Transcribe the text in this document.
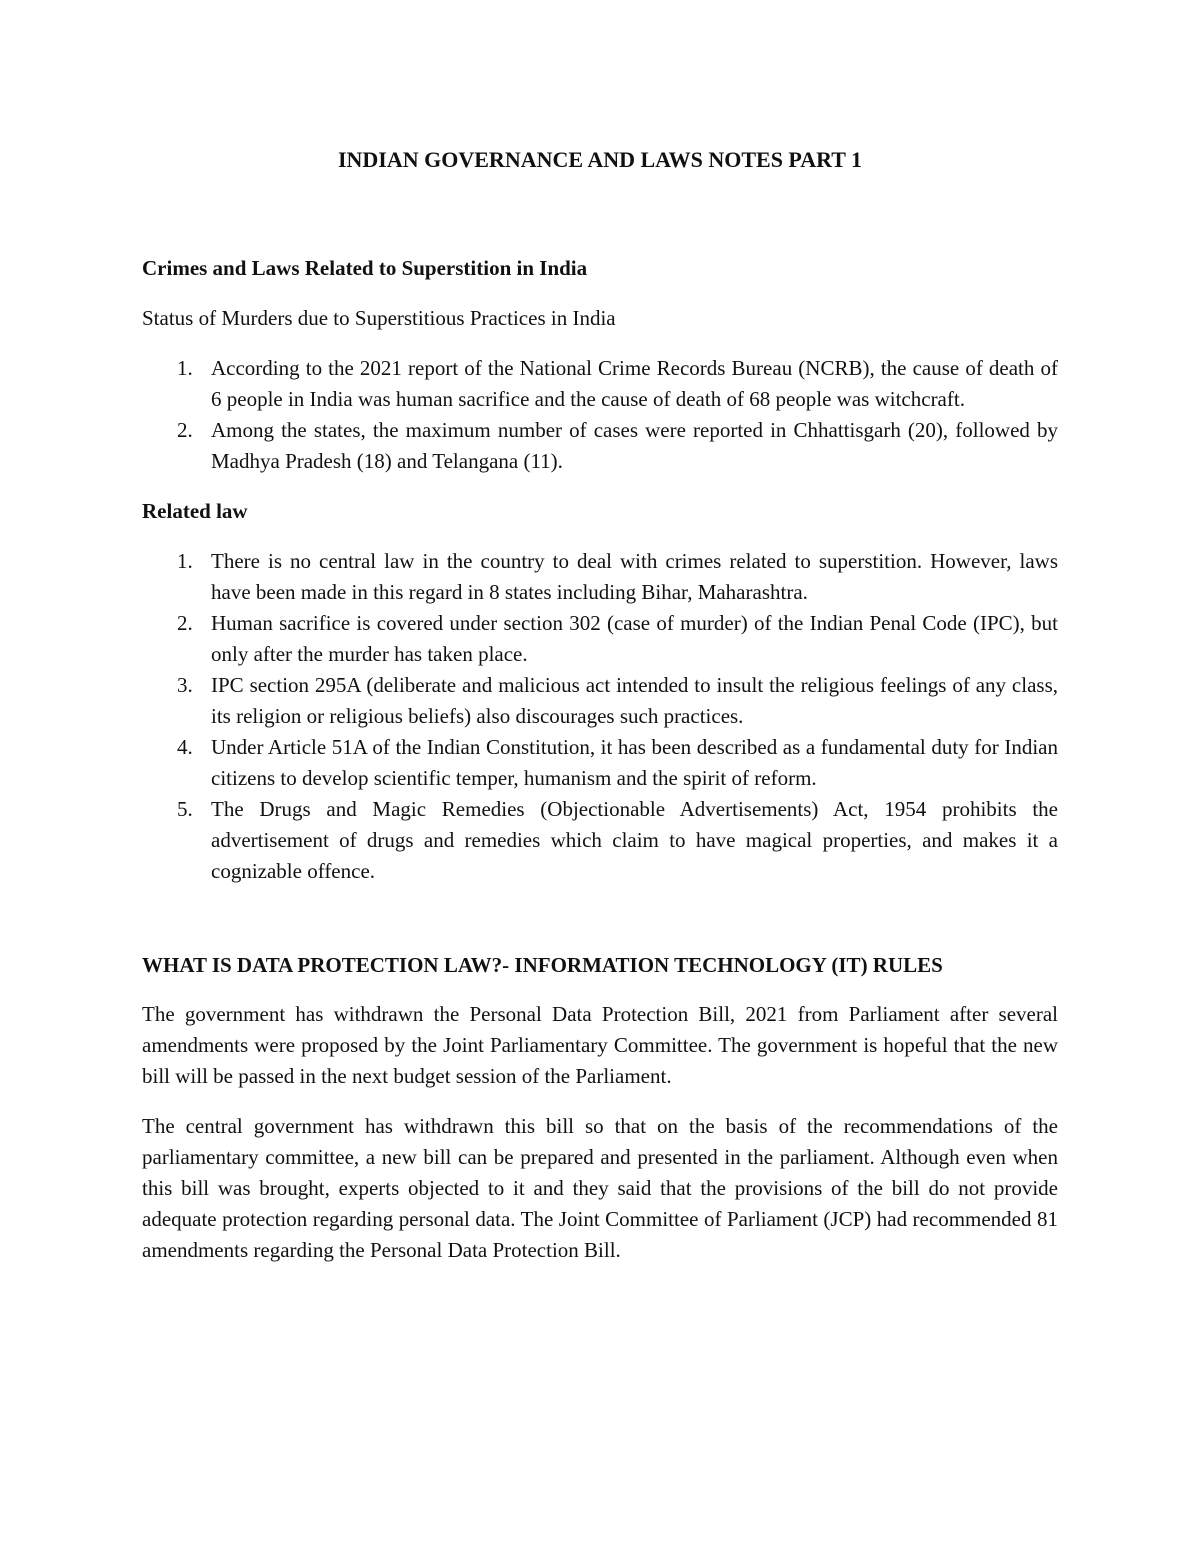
INDIAN GOVERNANCE AND LAWS NOTES PART 1
Crimes and Laws Related to Superstition in India
Status of Murders due to Superstitious Practices in India
1. According to the 2021 report of the National Crime Records Bureau (NCRB), the cause of death of 6 people in India was human sacrifice and the cause of death of 68 people was witchcraft.
2. Among the states, the maximum number of cases were reported in Chhattisgarh (20), followed by Madhya Pradesh (18) and Telangana (11).
Related law
1. There is no central law in the country to deal with crimes related to superstition. However, laws have been made in this regard in 8 states including Bihar, Maharashtra.
2. Human sacrifice is covered under section 302 (case of murder) of the Indian Penal Code (IPC), but only after the murder has taken place.
3. IPC section 295A (deliberate and malicious act intended to insult the religious feelings of any class, its religion or religious beliefs) also discourages such practices.
4. Under Article 51A of the Indian Constitution, it has been described as a fundamental duty for Indian citizens to develop scientific temper, humanism and the spirit of reform.
5. The Drugs and Magic Remedies (Objectionable Advertisements) Act, 1954 prohibits the advertisement of drugs and remedies which claim to have magical properties, and makes it a cognizable offence.
WHAT IS DATA PROTECTION LAW?- INFORMATION TECHNOLOGY (IT) RULES
The government has withdrawn the Personal Data Protection Bill, 2021 from Parliament after several amendments were proposed by the Joint Parliamentary Committee. The government is hopeful that the new bill will be passed in the next budget session of the Parliament.
The central government has withdrawn this bill so that on the basis of the recommendations of the parliamentary committee, a new bill can be prepared and presented in the parliament. Although even when this bill was brought, experts objected to it and they said that the provisions of the bill do not provide adequate protection regarding personal data. The Joint Committee of Parliament (JCP) had recommended 81 amendments regarding the Personal Data Protection Bill.
